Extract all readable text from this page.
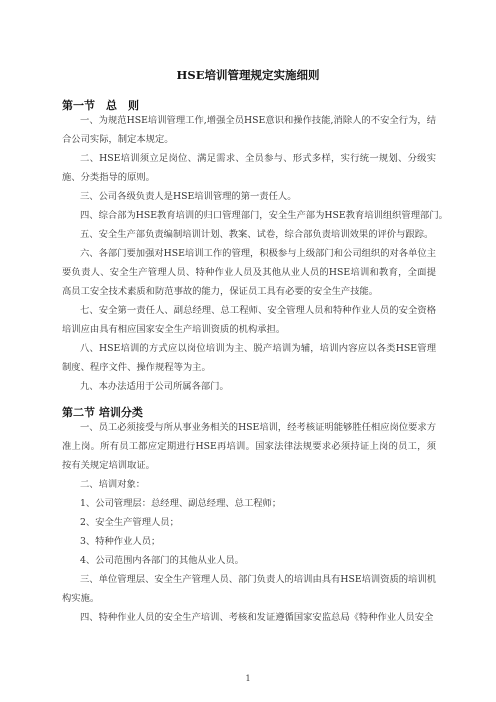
HSE培训管理规定实施细则
第一节　总　则
一、为规范HSE培训管理工作,增强全员HSE意识和操作技能,消除人的不安全行为，结合公司实际，制定本规定。
二、HSE培训须立足岗位、满足需求、全员参与、形式多样，实行统一规划、分级实施、分类指导的原则。
三、公司各级负责人是HSE培训管理的第一责任人。
四、综合部为HSE教育培训的归口管理部门，安全生产部为HSE教育培训组织管理部门。
五、安全生产部负责编制培训计划、教案、试卷，综合部负责培训效果的评价与跟踪。
六、各部门要加强对HSE培训工作的管理，积极参与上级部门和公司组织的对各单位主要负责人、安全生产管理人员、特种作业人员及其他从业人员的HSE培训和教育，全面提高员工安全技术素质和防范事故的能力，保证员工具有必要的安全生产技能。
七、安全第一责任人、副总经理、总工程师、安全管理人员和特种作业人员的安全资格培训应由具有相应国家安全生产培训资质的机构承担。
八、HSE培训的方式应以岗位培训为主、脱产培训为辅，培训内容应以各类HSE管理制度、程序文件、操作规程等为主。
九、本办法适用于公司所属各部门。
第二节 培训分类
一、员工必须接受与所从事业务相关的HSE培训，经考核证明能够胜任相应岗位要求方准上岗。所有员工都应定期进行HSE再培训。国家法律法规要求必须持证上岗的员工，须按有关规定培训取证。
二、培训对象：
1、公司管理层：总经理、副总经理、总工程师；
2、安全生产管理人员；
3、特种作业人员；
4、公司范围内各部门的其他从业人员。
三、单位管理层、安全生产管理人员、部门负责人的培训由具有HSE培训资质的培训机构实施。
四、特种作业人员的安全生产培训、考核和发证遵循国家安监总局《特种作业人员安全
1
